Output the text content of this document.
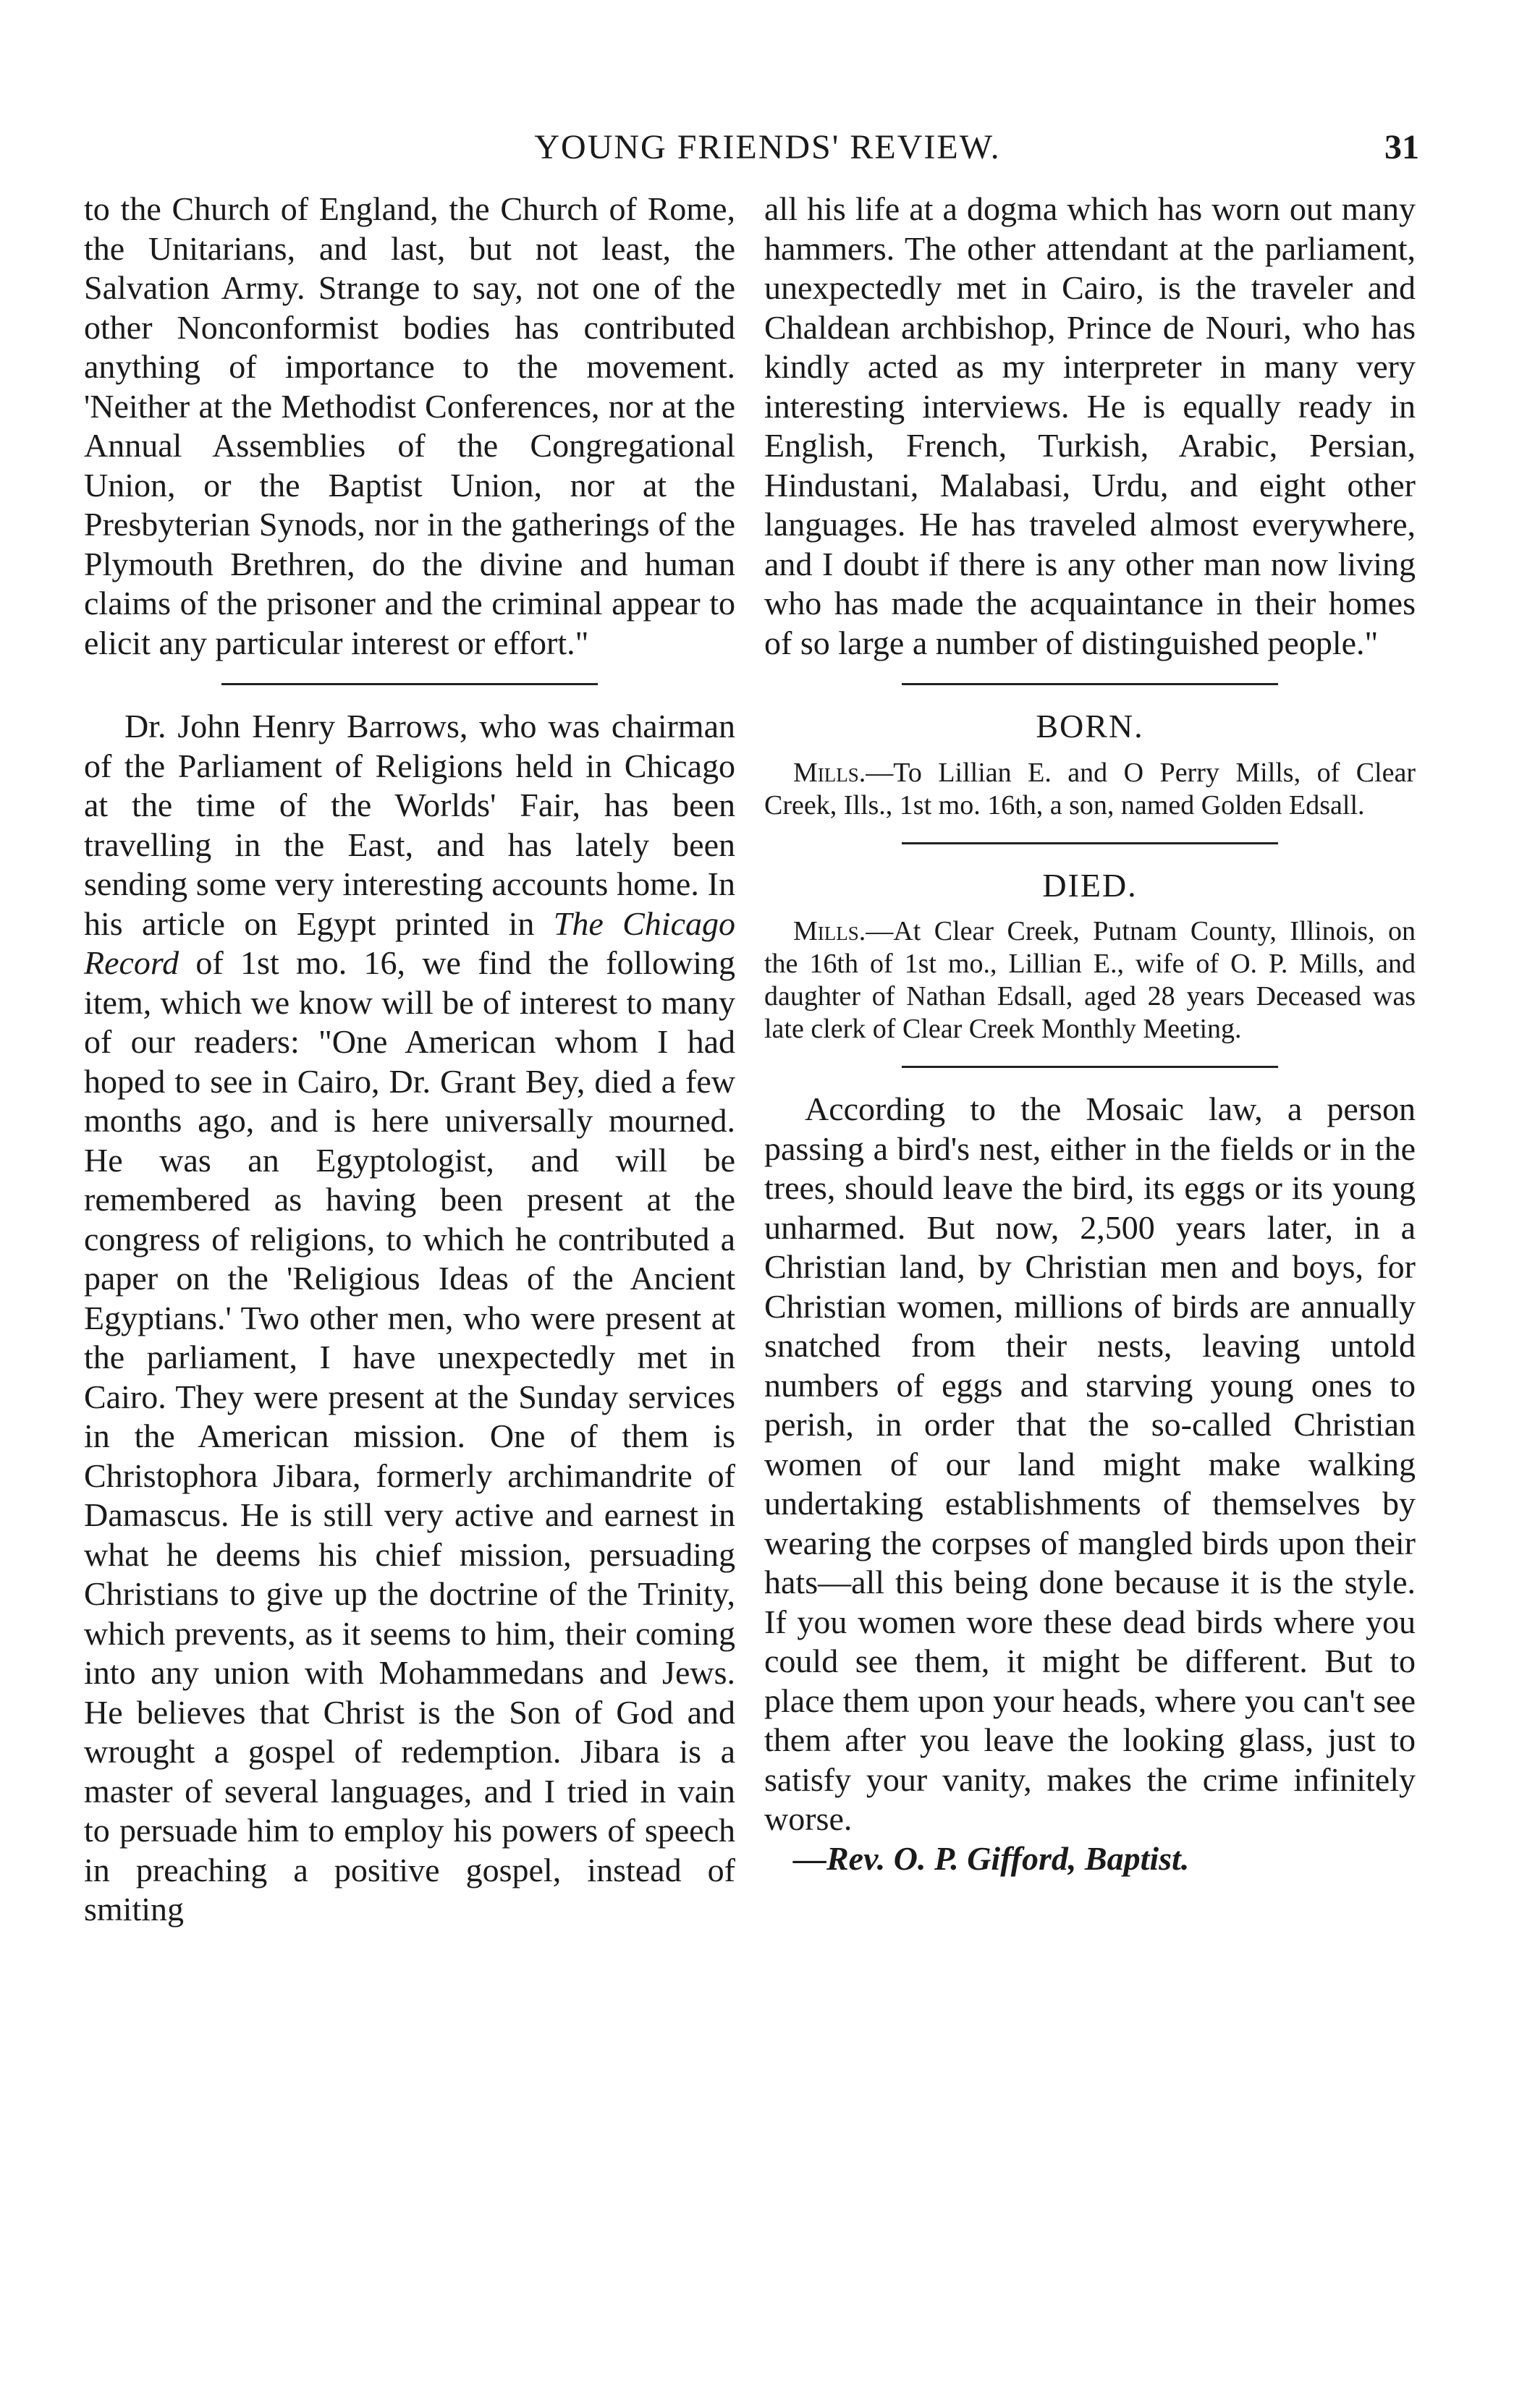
YOUNG FRIENDS' REVIEW.	31

to the Church of England, the Church of Rome, the Unitarians, and last, but not least, the Salvation Army. Strange to say, not one of the other Nonconformist bodies has contributed anything of importance to the movement. 'Neither at the Methodist Conferences, nor at the Annual Assemblies of the Congregational Union, or the Baptist Union, nor at the Presbyterian Synods, nor in the gatherings of the Plymouth Brethren, do the divine and human claims of the prisoner and the criminal appear to elicit any particular interest or effort."

Dr. John Henry Barrows, who was chairman of the Parliament of Religions held in Chicago at the time of the Worlds' Fair, has been travelling in the East, and has lately been sending some very interesting accounts home. In his article on Egypt printed in The Chicago Record of 1st mo. 16, we find the following item, which we know will be of interest to many of our readers: "One American whom I had hoped to see in Cairo, Dr. Grant Bey, died a few months ago, and is here universally mourned. He was an Egyptologist, and will be remembered as having been present at the congress of religions, to which he contributed a paper on the 'Religious Ideas of the Ancient Egyptians.' Two other men, who were present at the parliament, I have unexpectedly met in Cairo. They were present at the Sunday services in the American mission. One of them is Christophora Jibara, formerly archimandrite of Damascus. He is still very active and earnest in what he deems his chief mission, persuading Christians to give up the doctrine of the Trinity, which prevents, as it seems to him, their coming into any union with Mohammedans and Jews. He believes that Christ is the Son of God and wrought a gospel of redemption. Jibara is a master of several languages, and I tried in vain to persuade him to employ his powers of speech in preaching a positive gospel, instead of smiting

all his life at a dogma which has worn out many hammers. The other attendant at the parliament, unexpectedly met in Cairo, is the traveler and Chaldean archbishop, Prince de Nouri, who has kindly acted as my interpreter in many very interesting interviews. He is equally ready in English, French, Turkish, Arabic, Persian, Hindustani, Malabasi, Urdu, and eight other languages. He has traveled almost everywhere, and I doubt if there is any other man now living who has made the acquaintance in their homes of so large a number of distinguished people."

BORN.

Mills.—To Lillian E. and O Perry Mills, of Clear Creek, Ills., 1st mo. 16th, a son, named Golden Edsall.

DIED.

Mills.—At Clear Creek, Putnam County, Illinois, on the 16th of 1st mo., Lillian E., wife of O. P. Mills, and daughter of Nathan Edsall, aged 28 years Deceased was late clerk of Clear Creek Monthly Meeting.

According to the Mosaic law, a person passing a bird's nest, either in the fields or in the trees, should leave the bird, its eggs or its young unharmed. But now, 2,500 years later, in a Christian land, by Christian men and boys, for Christian women, millions of birds are annually snatched from their nests, leaving untold numbers of eggs and starving young ones to perish, in order that the so-called Christian women of our land might make walking undertaking establishments of themselves by wearing the corpses of mangled birds upon their hats—all this being done because it is the style. If you women wore these dead birds where you could see them, it might be different. But to place them upon your heads, where you can't see them after you leave the looking glass, just to satisfy your vanity, makes the crime infinitely worse.

—Rev. O. P. Gifford, Baptist.
